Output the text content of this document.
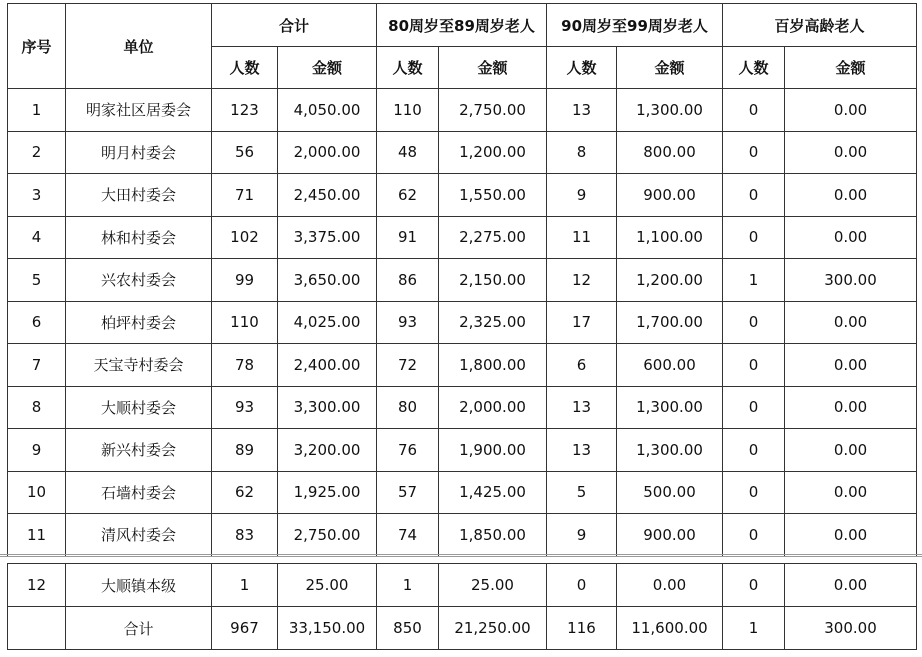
序号	单位	合计		80周岁至89周岁老人		90周岁至99周岁老人		百岁高龄老人	
		人数	金额	人数	金额	人数	金额	人数	金额
1	明家社区居委会	123	4,050.00	110	2,750.00	13	1,300.00	0	0.00
2	明月村委会	56	2,000.00	48	1,200.00	8	800.00	0	0.00
3	大田村委会	71	2,450.00	62	1,550.00	9	900.00	0	0.00
4	林和村委会	102	3,375.00	91	2,275.00	11	1,100.00	0	0.00
5	兴农村委会	99	3,650.00	86	2,150.00	12	1,200.00	1	300.00
6	柏坪村委会	110	4,025.00	93	2,325.00	17	1,700.00	0	0.00
7	天宝寺村委会	78	2,400.00	72	1,800.00	6	600.00	0	0.00
8	大顺村委会	93	3,300.00	80	2,000.00	13	1,300.00	0	0.00
9	新兴村委会	89	3,200.00	76	1,900.00	13	1,300.00	0	0.00
10	石墙村委会	62	1,925.00	57	1,425.00	5	500.00	0	0.00
11	清风村委会	83	2,750.00	74	1,850.00	9	900.00	0	0.00
12	大顺镇本级	1	25.00	1	25.00	0	0.00	0	0.00
	合计	967	33,150.00	850	21,250.00	116	11,600.00	1	300.00
